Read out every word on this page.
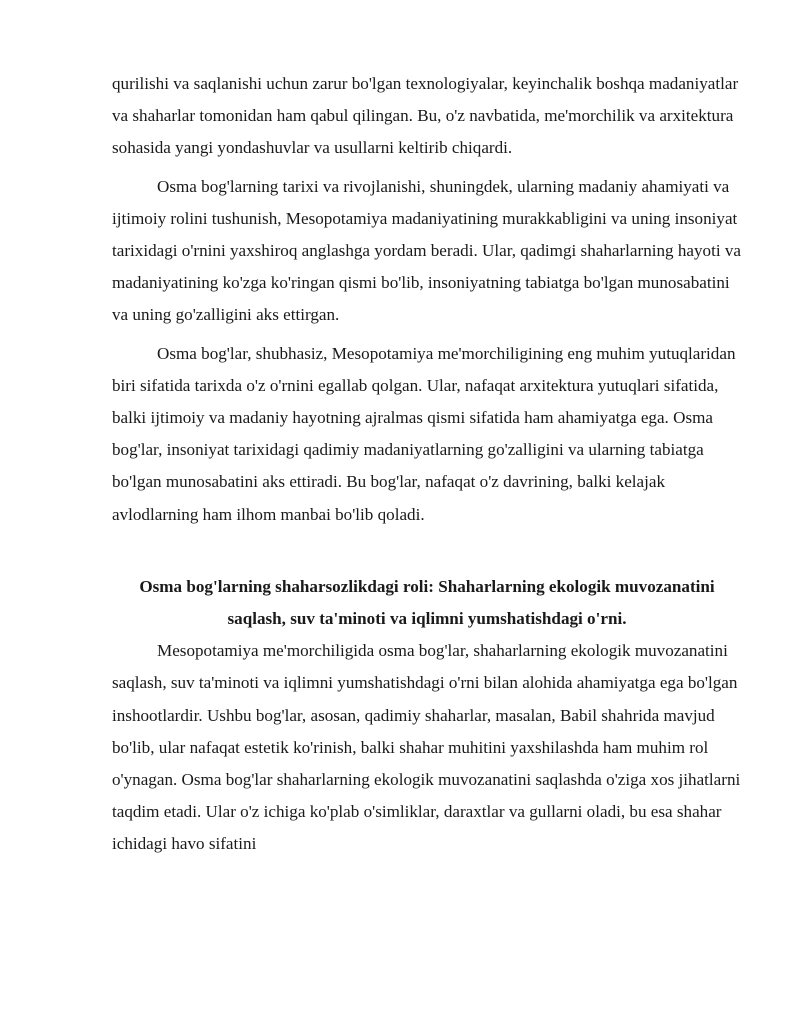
qurilishi va saqlanishi uchun zarur bo'lgan texnologiyalar, keyinchalik boshqa madaniyatlar va shaharlar tomonidan ham qabul qilingan. Bu, o'z navbatida, me'morchilik va arxitektura sohasida yangi yondashuvlar va usullarni keltirib chiqardi.

Osma bog'larning tarixi va rivojlanishi, shuningdek, ularning madaniy ahamiyati va ijtimoiy rolini tushunish, Mesopotamiya madaniyatining murakkabligini va uning insoniyat tarixidagi o'rnini yaxshiroq anglashga yordam beradi. Ular, qadimgi shaharlarning hayoti va madaniyatining ko'zga ko'ringan qismi bo'lib, insoniyatning tabiatga bo'lgan munosabatini va uning go'zalligini aks ettirgan.

Osma bog'lar, shubhasiz, Mesopotamiya me'morchiligining eng muhim yutuqlaridan biri sifatida tarixda o'z o'rnini egallab qolgan. Ular, nafaqat arxitektura yutuqlari sifatida, balki ijtimoiy va madaniy hayotning ajralmas qismi sifatida ham ahamiyatga ega. Osma bog'lar, insoniyat tarixidagi qadimiy madaniyatlarning go'zalligini va ularning tabiatga bo'lgan munosabatini aks ettiradi. Bu bog'lar, nafaqat o'z davrining, balki kelajak avlodlarning ham ilhom manbai bo'lib qoladi.

Osma bog'larning shaharsozlikdagi roli: Shaharlarning ekologik muvozanatini saqlash, suv ta'minoti va iqlimni yumshatishdagi o'rni.

Mesopotamiya me'morchiligida osma bog'lar, shaharlarning ekologik muvozanatini saqlash, suv ta'minoti va iqlimni yumshatishdagi o'rni bilan alohida ahamiyatga ega bo'lgan inshootlardir. Ushbu bog'lar, asosan, qadimiy shaharlar, masalan, Babil shahrida mavjud bo'lib, ular nafaqat estetik ko'rinish, balki shahar muhitini yaxshilashda ham muhim rol o'ynagan. Osma bog'lar shaharlarning ekologik muvozanatini saqlashda o'ziga xos jihatlarni taqdim etadi. Ular o'z ichiga ko'plab o'simliklar, daraxtlar va gullarni oladi, bu esa shahar ichidagi havo sifatini
